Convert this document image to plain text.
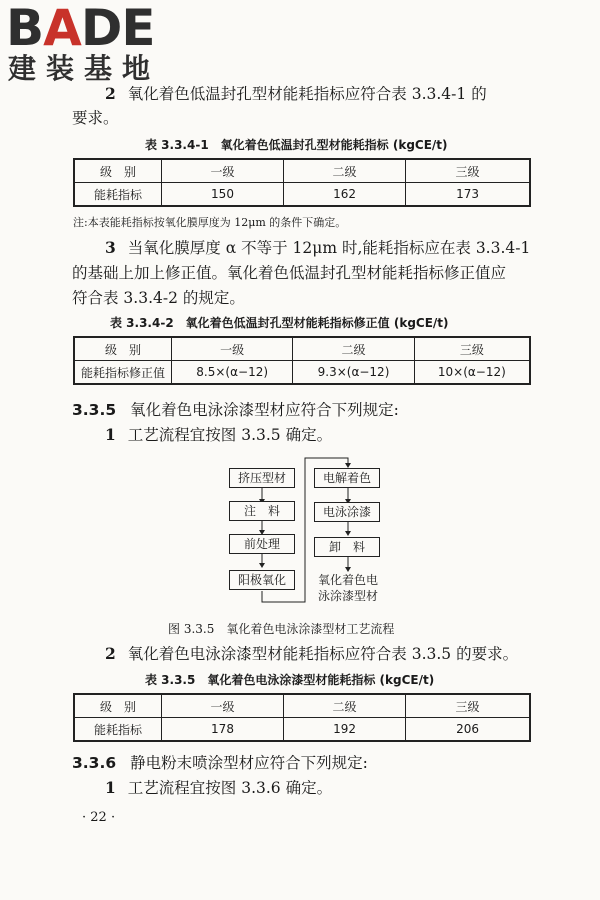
BADE
建装基地
2 氧化着色低温封孔型材能耗指标应符合表 3.3.4-1 的
要求。
表 3.3.4-1　氧化着色低温封孔型材能耗指标 (kgCE/t)
级　别	一级	二级	三级
能耗指标	150	162	173
注:本表能耗指标按氧化膜厚度为 12μm 的条件下确定。
3 当氧化膜厚度 α 不等于 12μm 时,能耗指标应在表 3.3.4-1
的基础上加上修正值。氧化着色低温封孔型材能耗指标修正值应
符合表 3.3.4-2 的规定。
表 3.3.4-2　氧化着色低温封孔型材能耗指标修正值 (kgCE/t)
级　别	一级	二级	三级
能耗指标修正值	8.5×(α−12)	9.3×(α−12)	10×(α−12)
3.3.5 氧化着色电泳涂漆型材应符合下列规定:
1 工艺流程宜按图 3.3.5 确定。
挤压型材
注　料
前处理
阳极氧化
电解着色
电泳涂漆
卸　料
氧化着色电
泳涂漆型材
图 3.3.5　氧化着色电泳涂漆型材工艺流程
2 氧化着色电泳涂漆型材能耗指标应符合表 3.3.5 的要求。
表 3.3.5　氧化着色电泳涂漆型材能耗指标 (kgCE/t)
级　别	一级	二级	三级
能耗指标	178	192	206
3.3.6 静电粉末喷涂型材应符合下列规定:
1 工艺流程宜按图 3.3.6 确定。
· 22 ·
